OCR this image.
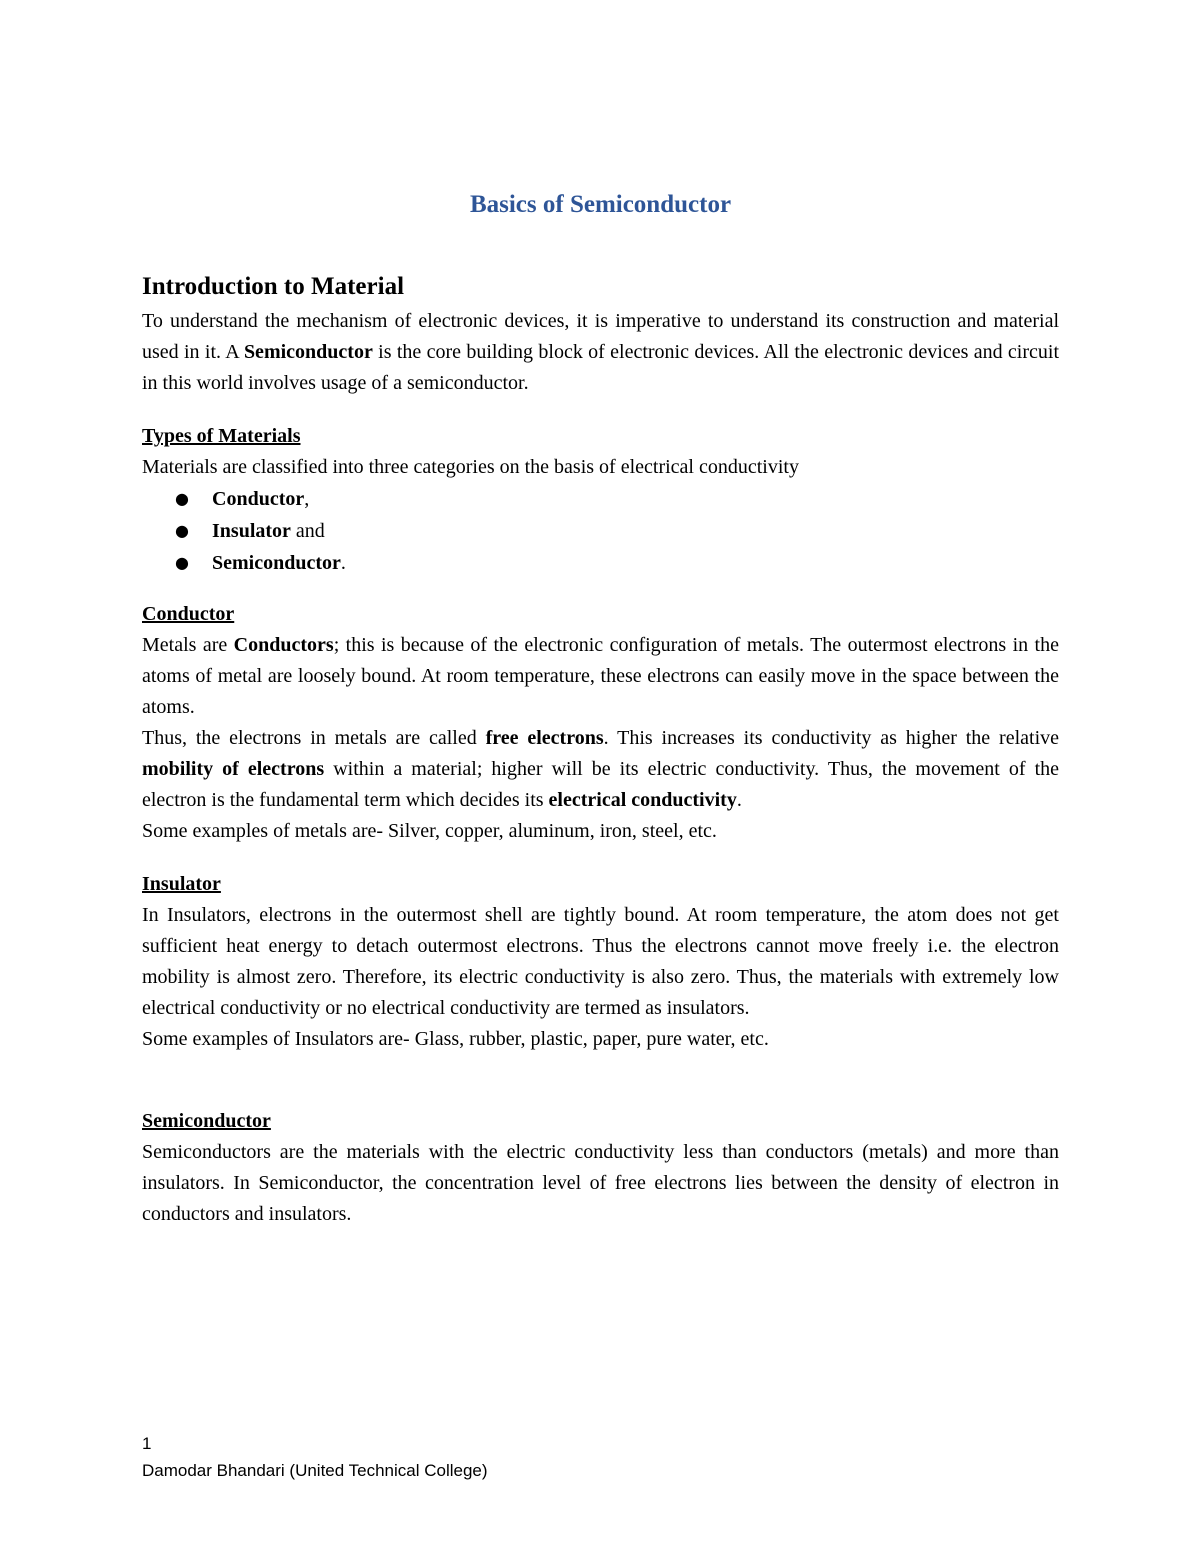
Basics of Semiconductor
Introduction to Material

To understand the mechanism of electronic devices, it is imperative to understand its construction and material used in it. A Semiconductor is the core building block of electronic devices. All the electronic devices and circuit in this world involves usage of a semiconductor.

Types of Materials

Materials are classified into three categories on the basis of electrical conductivity

● Conductor,
● Insulator and
● Semiconductor.

Conductor

Metals are Conductors; this is because of the electronic configuration of metals. The outermost electrons in the atoms of metal are loosely bound. At room temperature, these electrons can easily move in the space between the atoms.

Thus, the electrons in metals are called free electrons. This increases its conductivity as higher the relative mobility of electrons within a material; higher will be its electric conductivity. Thus, the movement of the electron is the fundamental term which decides its electrical conductivity.

Some examples of metals are- Silver, copper, aluminum, iron, steel, etc.

Insulator

In Insulators, electrons in the outermost shell are tightly bound. At room temperature, the atom does not get sufficient heat energy to detach outermost electrons. Thus the electrons cannot move freely i.e. the electron mobility is almost zero. Therefore, its electric conductivity is also zero. Thus, the materials with extremely low electrical conductivity or no electrical conductivity are termed as insulators.

Some examples of Insulators are- Glass, rubber, plastic, paper, pure water, etc.

Semiconductor

Semiconductors are the materials with the electric conductivity less than conductors (metals) and more than insulators. In Semiconductor, the concentration level of free electrons lies between the density of electron in conductors and insulators.

1

Damodar Bhandari (United Technical College)
